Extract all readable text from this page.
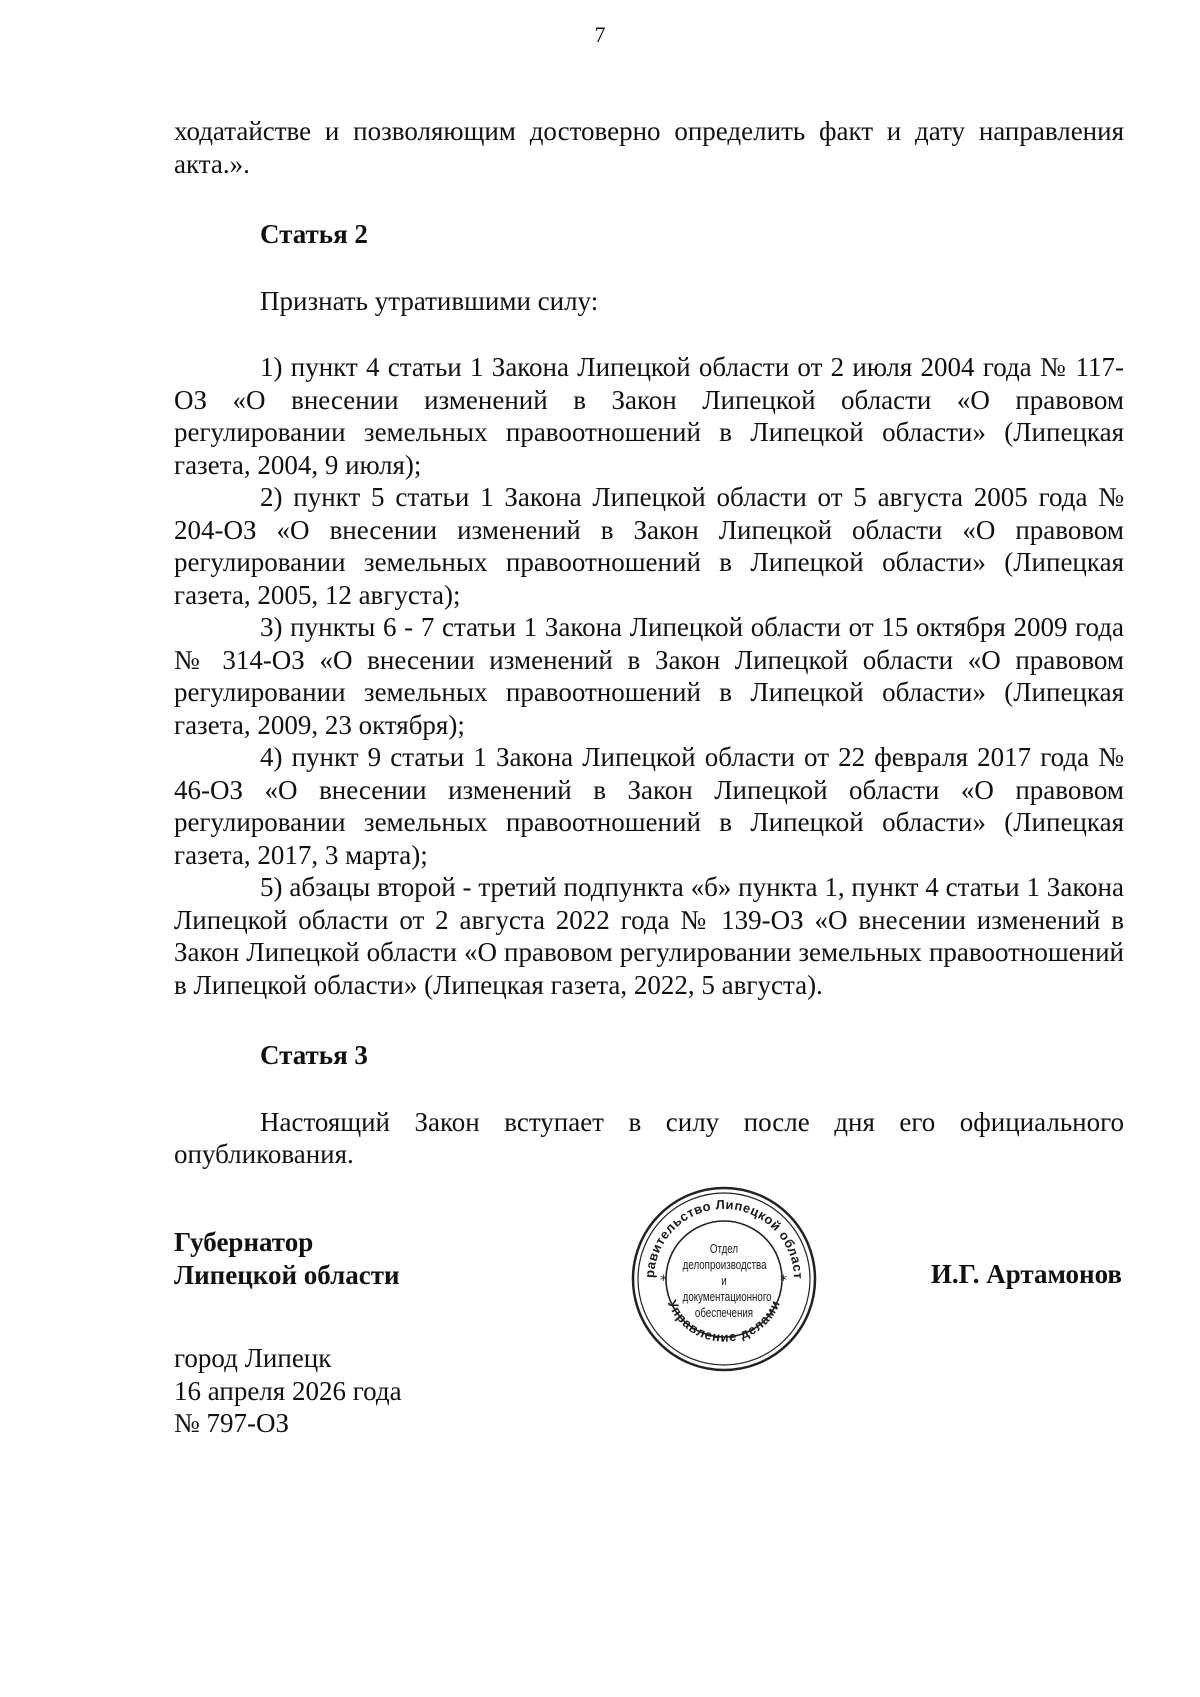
7

ходатайстве и позволяющим достоверно определить факт и дату направления акта.».

Статья 2

Признать утратившими силу:

1) пункт 4 статьи 1 Закона Липецкой области от 2 июля 2004 года № 117-ОЗ «О внесении изменений в Закон Липецкой области «О правовом регулировании земельных правоотношений в Липецкой области» (Липецкая газета, 2004, 9 июля);

2) пункт 5 статьи 1 Закона Липецкой области от 5 августа 2005 года № 204-ОЗ «О внесении изменений в Закон Липецкой области «О правовом регулировании земельных правоотношений в Липецкой области» (Липецкая газета, 2005, 12 августа);

3) пункты 6 - 7 статьи 1 Закона Липецкой области от 15 октября 2009 года № 314-ОЗ «О внесении изменений в Закон Липецкой области «О правовом регулировании земельных правоотношений в Липецкой области» (Липецкая газета, 2009, 23 октября);

4) пункт 9 статьи 1 Закона Липецкой области от 22 февраля 2017 года № 46-ОЗ «О внесении изменений в Закон Липецкой области «О правовом регулировании земельных правоотношений в Липецкой области» (Липецкая газета, 2017, 3 марта);

5) абзацы второй - третий подпункта «б» пункта 1, пункт 4 статьи 1 Закона Липецкой области от 2 августа 2022 года № 139-ОЗ «О внесении изменений в Закон Липецкой области «О правовом регулировании земельных правоотношений в Липецкой области» (Липецкая газета, 2022, 5 августа).

Статья 3

Настоящий Закон вступает в силу после дня его официального опубликования.

Губернатор
Липецкой области	равительство Липецкой област
Управление делами
*	*
Отдел
делопроизводства и
документационного
обеспечения
И.Г. Артамонов
город Липецк
16 апреля 2026 года
№ 797-ОЗ
